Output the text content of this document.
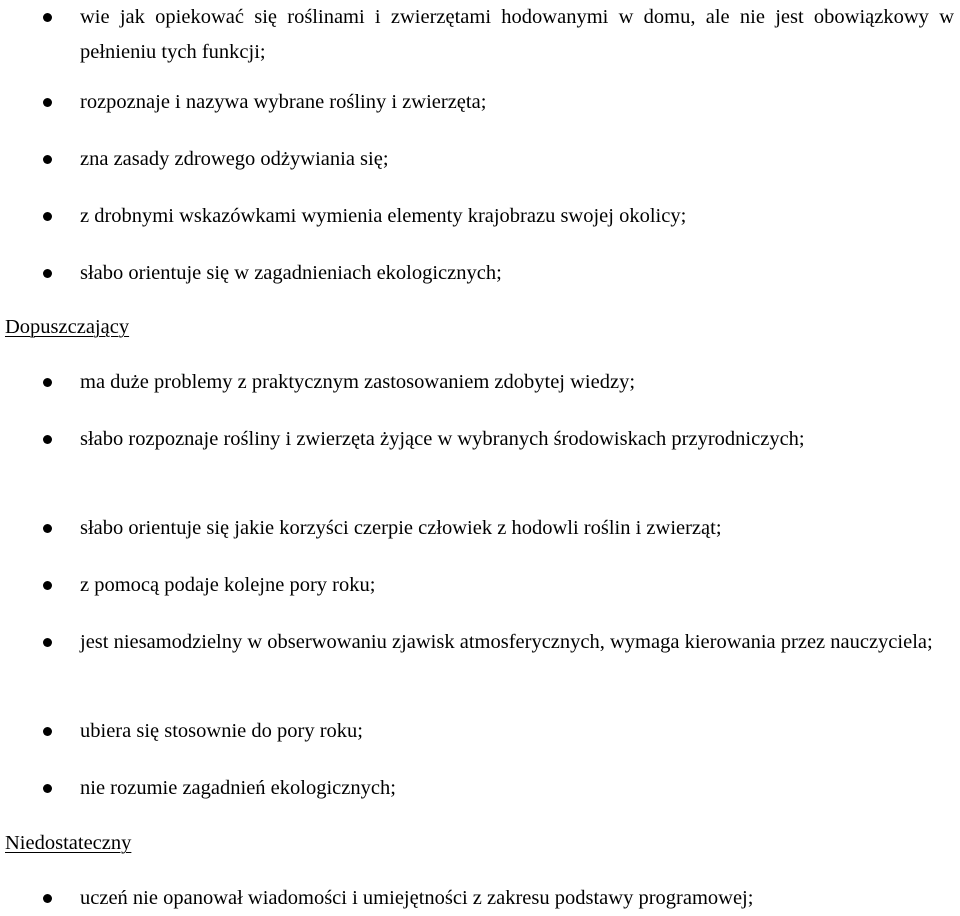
wie jak opiekować się roślinami i zwierzętami hodowanymi w domu, ale nie jest obowiązkowy w pełnieniu tych funkcji;
rozpoznaje i nazywa wybrane rośliny i zwierzęta;
zna zasady zdrowego odżywiania się;
z drobnymi wskazówkami wymienia elementy krajobrazu swojej okolicy;
słabo orientuje się w zagadnieniach ekologicznych;
Dopuszczający
ma duże problemy z praktycznym zastosowaniem zdobytej wiedzy;
słabo rozpoznaje rośliny i zwierzęta żyjące w wybranych środowiskach przyrodniczych;
słabo orientuje się jakie korzyści czerpie człowiek z hodowli roślin i zwierząt;
z pomocą podaje kolejne pory roku;
jest niesamodzielny w obserwowaniu zjawisk atmosferycznych, wymaga kierowania przez nauczyciela;
ubiera się stosownie do pory roku;
nie rozumie zagadnień ekologicznych;
Niedostateczny
uczeń nie opanował wiadomości i umiejętności z zakresu podstawy programowej;
